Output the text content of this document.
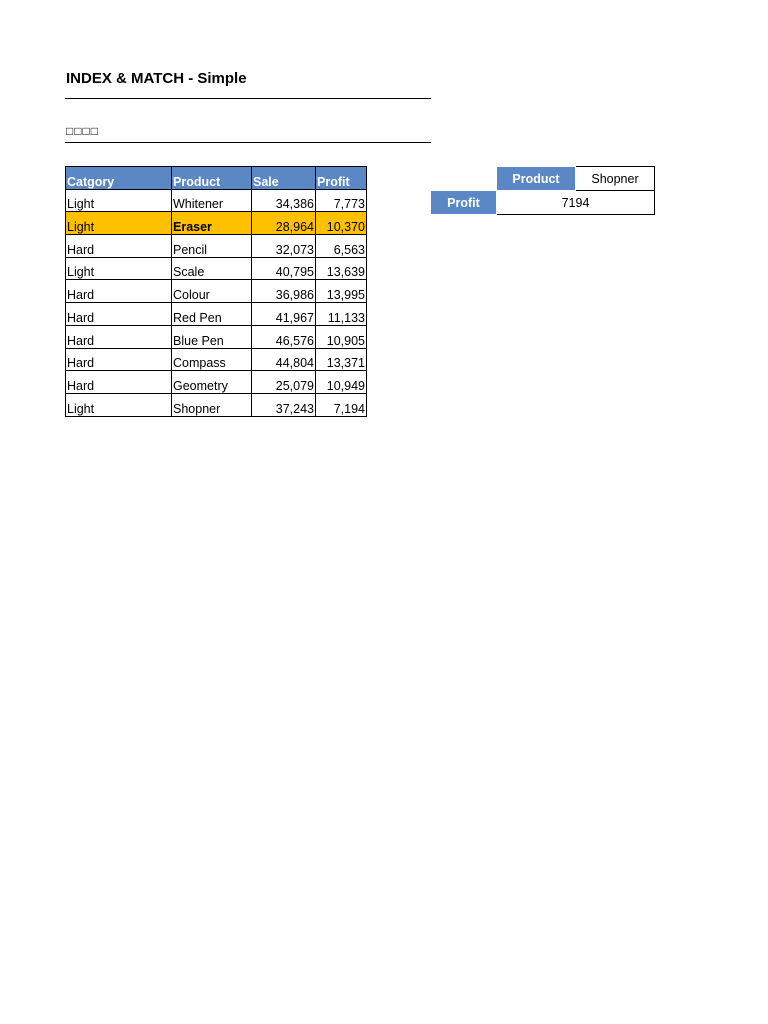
INDEX & MATCH - Simple
□□□□
Catgory	Product	Sale	Profit
Light	Whitener	34,386	7,773
Light	Eraser	28,964	10,370
Hard	Pencil	32,073	6,563
Light	Scale	40,795	13,639
Hard	Colour	36,986	13,995
Hard	Red Pen	41,967	11,133
Hard	Blue Pen	46,576	10,905
Hard	Compass	44,804	13,371
Hard	Geometry	25,079	10,949
Light	Shopner	37,243	7,194
	Product	Shopner
Profit	7194	
